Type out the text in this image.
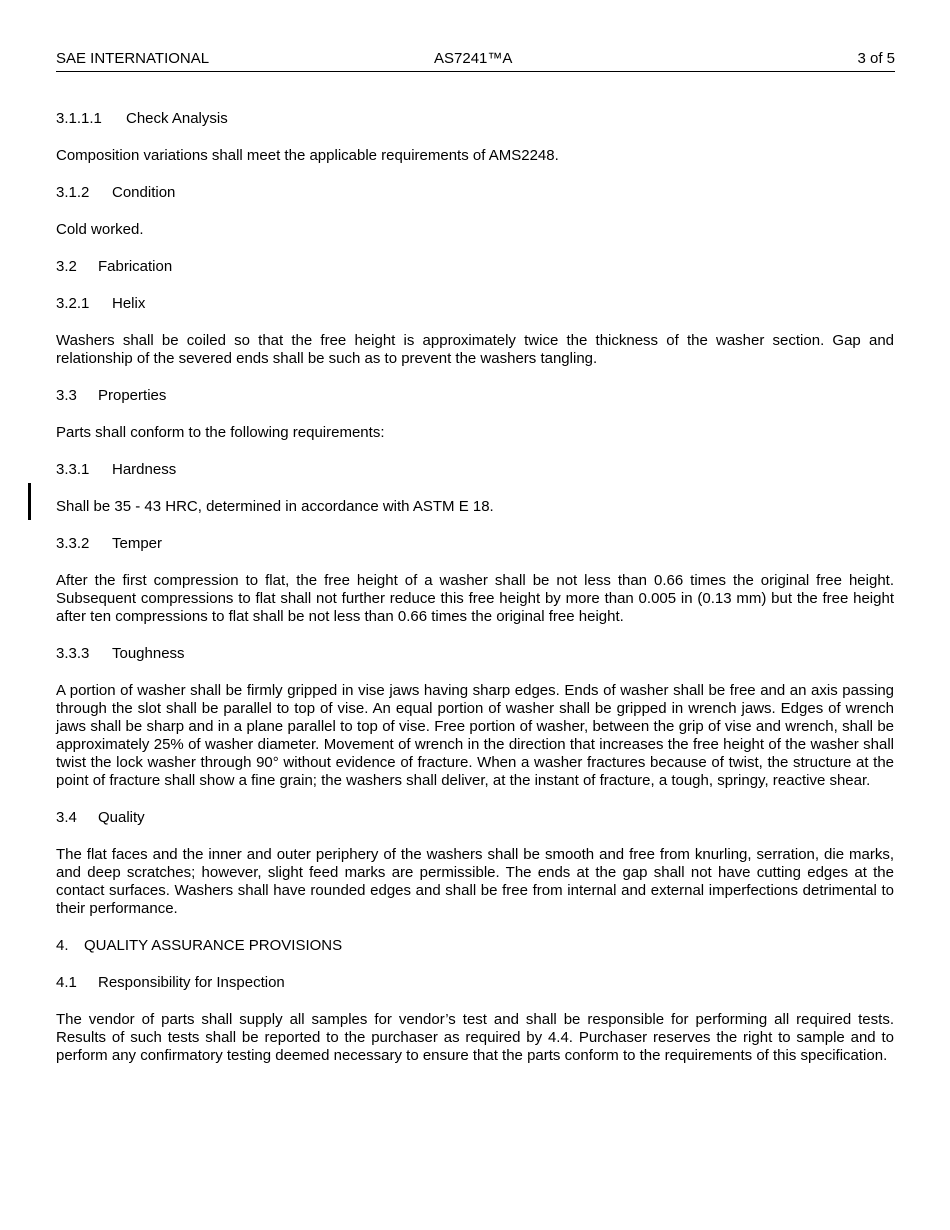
SAE INTERNATIONAL	AS7241™A	3 of 5
3.1.1.1 Check Analysis

Composition variations shall meet the applicable requirements of AMS2248.

3.1.2 Condition

Cold worked.

3.2 Fabrication
3.2.1 Helix

Washers shall be coiled so that the free height is approximately twice the thickness of the washer section. Gap and relationship of the severed ends shall be such as to prevent the washers tangling.

3.3 Properties

Parts shall conform to the following requirements:

3.3.1 Hardness

Shall be 35 - 43 HRC, determined in accordance with ASTM E 18.

3.3.2 Temper

After the first compression to flat, the free height of a washer shall be not less than 0.66 times the original free height. Subsequent compressions to flat shall not further reduce this free height by more than 0.005 in (0.13 mm) but the free height after ten compressions to flat shall be not less than 0.66 times the original free height.

3.3.3 Toughness

A portion of washer shall be firmly gripped in vise jaws having sharp edges. Ends of washer shall be free and an axis passing through the slot shall be parallel to top of vise. An equal portion of washer shall be gripped in wrench jaws. Edges of wrench jaws shall be sharp and in a plane parallel to top of vise. Free portion of washer, between the grip of vise and wrench, shall be approximately 25% of washer diameter. Movement of wrench in the direction that increases the free height of the washer shall twist the lock washer through 90° without evidence of fracture. When a washer fractures because of twist, the structure at the point of fracture shall show a fine grain; the washers shall deliver, at the instant of fracture, a tough, springy, reactive shear.

3.4 Quality

The flat faces and the inner and outer periphery of the washers shall be smooth and free from knurling, serration, die marks, and deep scratches; however, slight feed marks are permissible. The ends at the gap shall not have cutting edges at the contact surfaces. Washers shall have rounded edges and shall be free from internal and external imperfections detrimental to their performance.

4. QUALITY ASSURANCE PROVISIONS
4.1 Responsibility for Inspection

The vendor of parts shall supply all samples for vendor’s test and shall be responsible for performing all required tests. Results of such tests shall be reported to the purchaser as required by 4.4. Purchaser reserves the right to sample and to perform any confirmatory testing deemed necessary to ensure that the parts conform to the requirements of this specification.
